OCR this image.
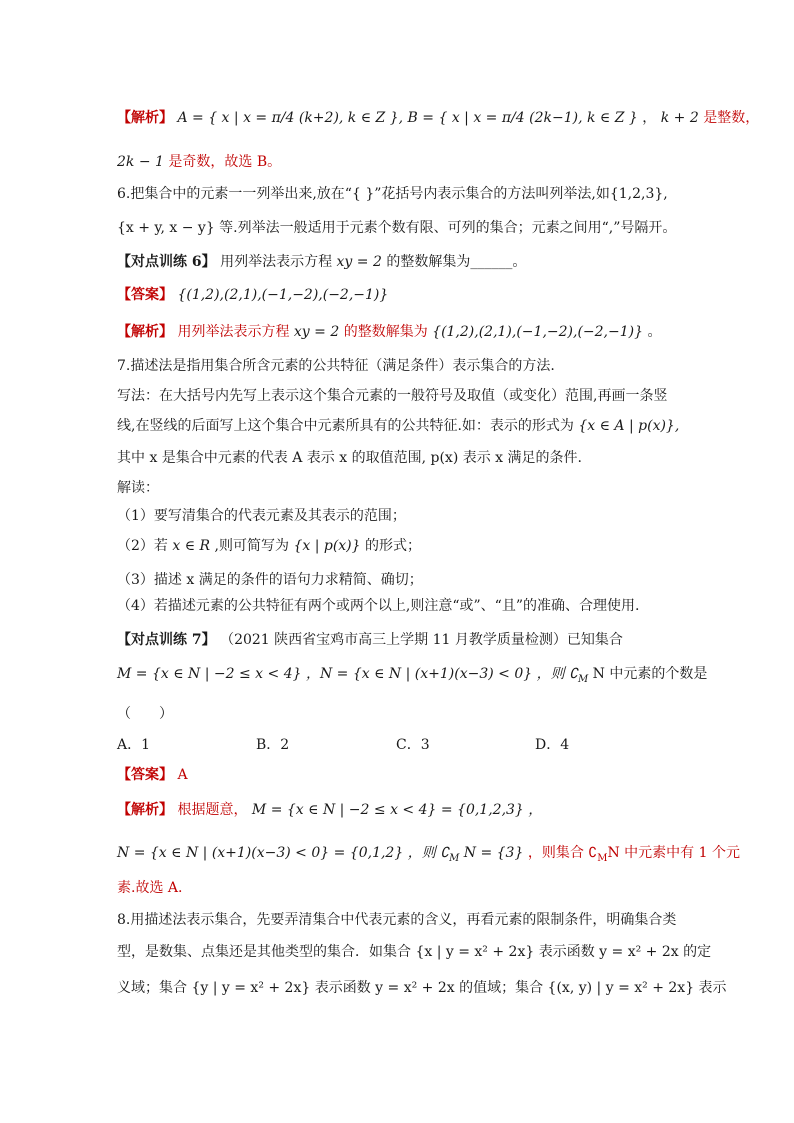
【解析】 A = { x | x = π/4 (k+2), k ∈ Z }, B = { x | x = π/4 (2k−1), k ∈ Z } ， k + 2 是整数，
2k − 1 是奇数，故选 B。
6.把集合中的元素一一列举出来,放在“{ }”花括号内表示集合的方法叫列举法,如{1,2,3},
{x + y, x − y} 等.列举法一般适用于元素个数有限、可列的集合；元素之间用“,”号隔开。
【对点训练 6】 用列举法表示方程 xy = 2 的整数解集为______。
【答案】 {(1,2),(2,1),(−1,−2),(−2,−1)}
【解析】 用列举法表示方程 xy = 2 的整数解集为 {(1,2),(2,1),(−1,−2),(−2,−1)} 。
7.描述法是指用集合所含元素的公共特征（满足条件）表示集合的方法.
写法：在大括号内先写上表示这个集合元素的一般符号及取值（或变化）范围,再画一条竖
线,在竖线的后面写上这个集合中元素所具有的公共特征.如：表示的形式为 {x ∈ A | p(x)},
其中 x 是集合中元素的代表 A 表示 x 的取值范围, p(x) 表示 x 满足的条件.
解读：
（1）要写清集合的代表元素及其表示的范围；
（2）若 x ∈ R ,则可简写为 {x | p(x)} 的形式；
（3）描述 x 满足的条件的语句力求精简、确切；
（4）若描述元素的公共特征有两个或两个以上,则注意“或”、“且”的准确、合理使用.
【对点训练 7】 （2021 陕西省宝鸡市高三上学期 11 月教学质量检测）已知集合
M = {x ∈ N | −2 ≤ x < 4} ，N = {x ∈ N | (x+1)(x−3) < 0} ，则 $∁_M$ N 中元素的个数是
（　　）
A．1	B．2	C．3	D．4
【答案】 A
【解析】 根据题意， M = {x ∈ N | −2 ≤ x < 4} = {0,1,2,3} ，
N = {x ∈ N | (x+1)(x−3) < 0} = {0,1,2} ，则 $∁_M$ N = {3} ，则集合 $∁_MN$ 中元素中有 1 个元
素.故选 A.
8.用描述法表示集合，先要弄清集合中代表元素的含义，再看元素的限制条件，明确集合类
型，是数集、点集还是其他类型的集合．如集合 {x | y = x² + 2x} 表示函数 y = x² + 2x 的定
义域；集合 {y | y = x² + 2x} 表示函数 y = x² + 2x 的值域；集合 {(x, y) | y = x² + 2x} 表示
